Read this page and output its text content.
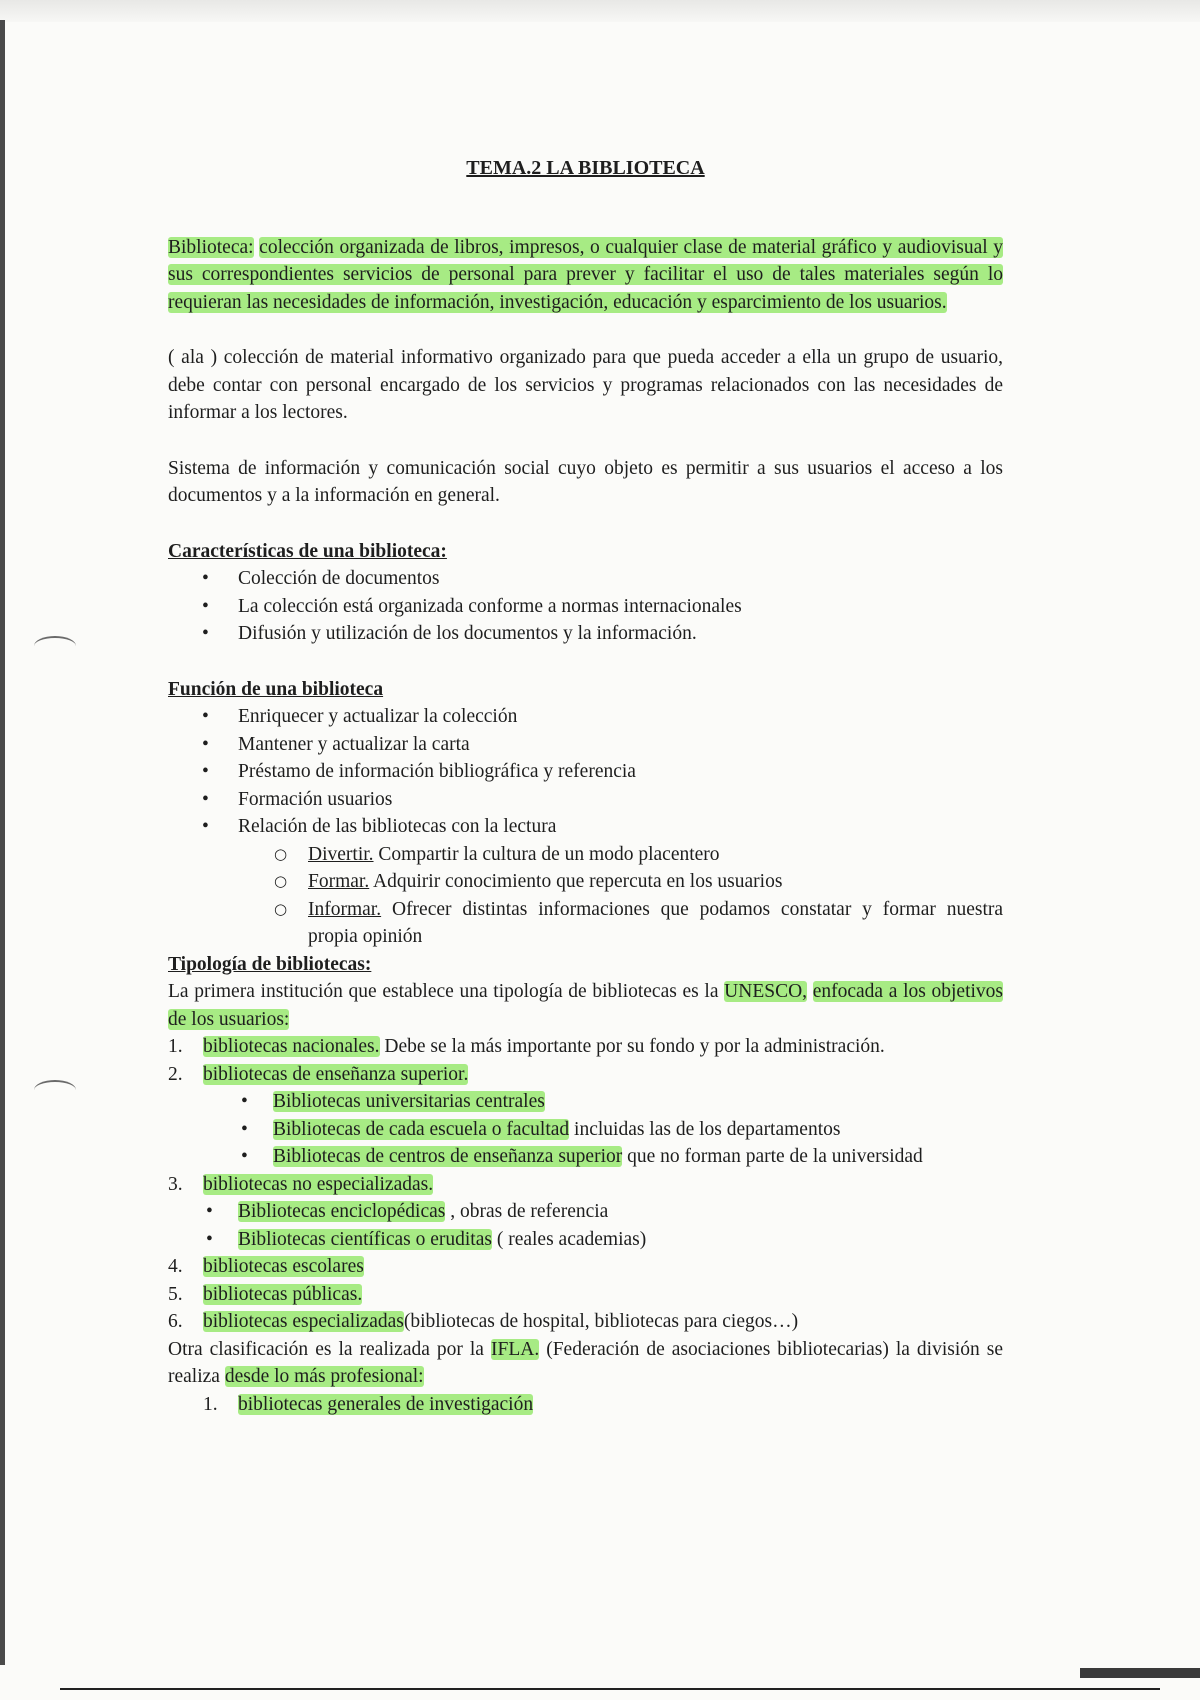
TEMA.2 LA BIBLIOTECA

Biblioteca: colección organizada de libros, impresos, o cualquier clase de material gráfico y audiovisual y sus correspondientes servicios de personal para prever y facilitar el uso de tales materiales según lo requieran las necesidades de información, investigación, educación y esparcimiento de los usuarios.

( ala ) colección de material informativo organizado para que pueda acceder a ella un grupo de usuario, debe contar con personal encargado de los servicios y programas relacionados con las necesidades de informar a los lectores.

Sistema de información y comunicación social cuyo objeto es permitir a sus usuarios el acceso a los documentos y a la información en general.

Características de una biblioteca:
• Colección de documentos
• La colección está organizada conforme a normas internacionales
• Difusión y utilización de los documentos y la información.
Función de una biblioteca
• Enriquecer y actualizar la colección
• Mantener y actualizar la carta
• Préstamo de información bibliográfica y referencia
• Formación usuarios
• Relación de las bibliotecas con la lectura
○ Divertir. Compartir la cultura de un modo placentero
○ Formar. Adquirir conocimiento que repercuta en los usuarios
○ Informar. Ofrecer distintas informaciones que podamos constatar y formar nuestra propia opinión
Tipología de bibliotecas:

La primera institución que establece una tipología de bibliotecas es la UNESCO, enfocada a los objetivos de los usuarios:

1. bibliotecas nacionales. Debe se la más importante por su fondo y por la administración.
2. bibliotecas de enseñanza superior.
• Bibliotecas universitarias centrales
• Bibliotecas de cada escuela o facultad incluidas las de los departamentos
• Bibliotecas de centros de enseñanza superior que no forman parte de la universidad
3. bibliotecas no especializadas.
• Bibliotecas enciclopédicas , obras de referencia
• Bibliotecas científicas o eruditas ( reales academias)
4. bibliotecas escolares
5. bibliotecas públicas.
6. bibliotecas especializadas(bibliotecas de hospital, bibliotecas para ciegos…)

Otra clasificación es la realizada por la IFLA. (Federación de asociaciones bibliotecarias) la división se realiza desde lo más profesional:

1. bibliotecas generales de investigación
